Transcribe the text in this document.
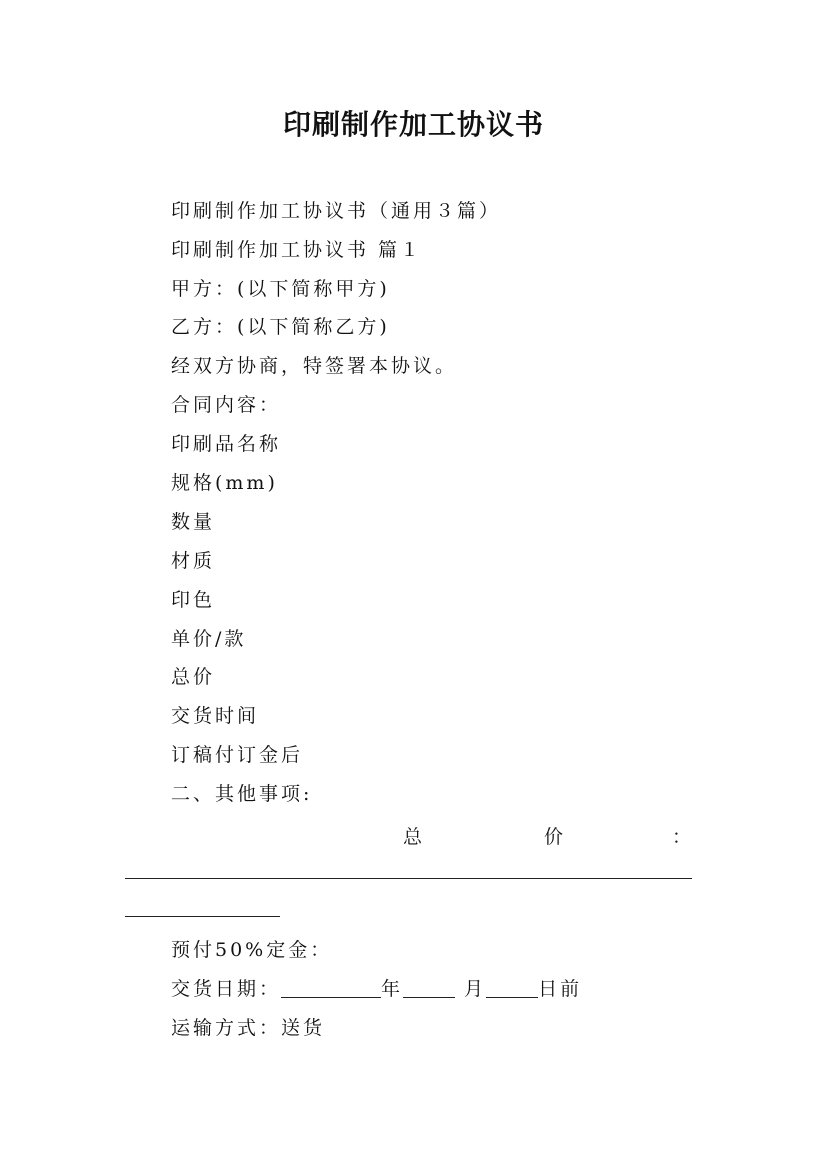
印刷制作加工协议书
印刷制作加工协议书（通用３篇）
印刷制作加工协议书 篇１
甲方：(以下简称甲方)
乙方：(以下简称乙方)
经双方协商，特签署本协议。
合同内容：
印刷品名称
规格(mm)
数量
材质
印色
单价/款
总价
交货时间
订稿付订金后
二、其他事项:
总	价	：
预付50%定金：
交货日期：	年	月	日前
运输方式：送货
